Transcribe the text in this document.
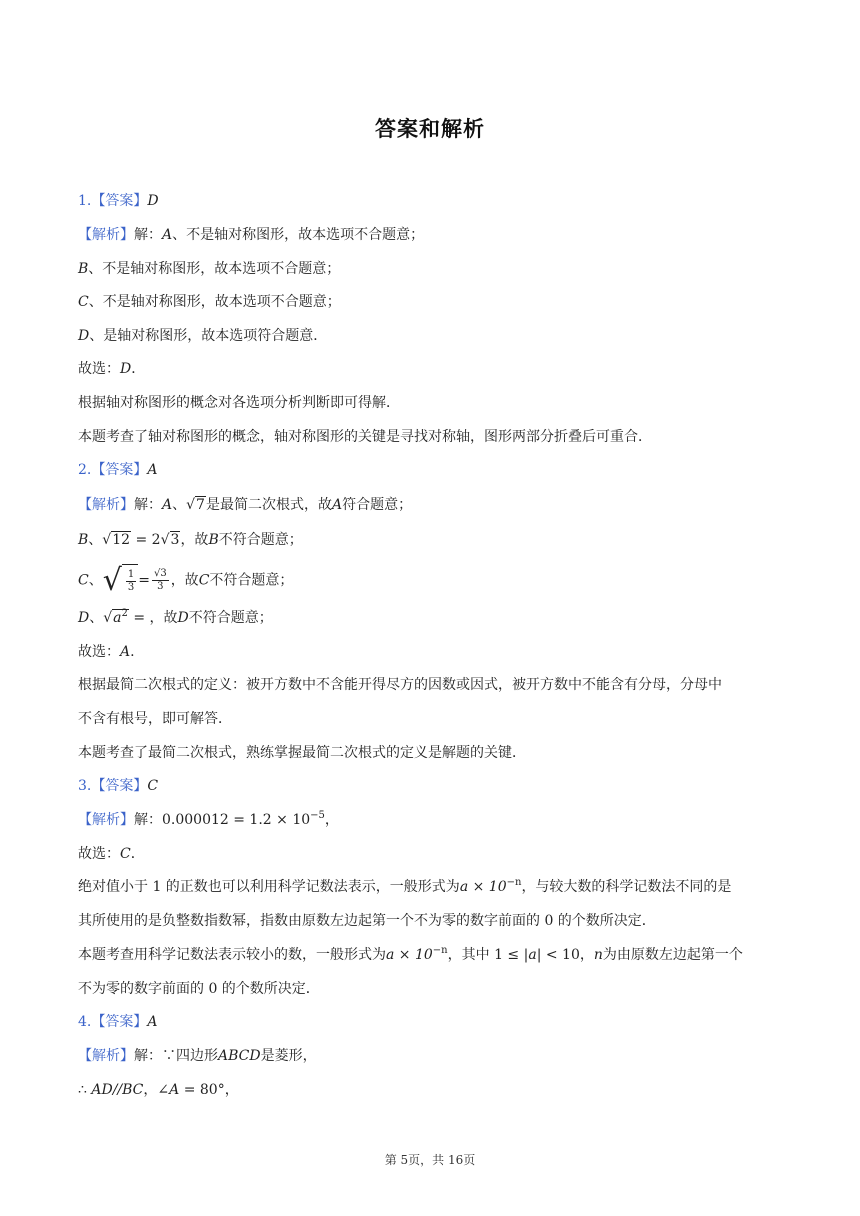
答案和解析
1.【答案】D
【解析】解：A、不是轴对称图形，故本选项不合题意；
B、不是轴对称图形，故本选项不合题意；
C、不是轴对称图形，故本选项不合题意；
D、是轴对称图形，故本选项符合题意．
故选：D．
根据轴对称图形的概念对各选项分析判断即可得解．
本题考查了轴对称图形的概念，轴对称图形的关键是寻找对称轴，图形两部分折叠后可重合．
2.【答案】A
【解析】解：A、√7是最简二次根式，故A符合题意；
B、√12 = 2√3，故B不符合题意；
C、√ $\frac{1}{3} = \frac{√3}{3}$ ，故C不符合题意；
D、$√a^2$ = ，故D不符合题意；
故选：A.
根据最简二次根式的定义：被开方数中不含能开得尽方的因数或因式，被开方数中不能含有分母，分母中
不含有根号，即可解答．
本题考查了最简二次根式，熟练掌握最简二次根式的定义是解题的关键．
3.【答案】C
【解析】解：$0.000012 = 1.2 \times 10^{-5}$，
故选：C．
绝对值小于 1 的正数也可以利用科学记数法表示，一般形式为$a \times 10^{-n}$，与较大数的科学记数法不同的是
其所使用的是负整数指数幂，指数由原数左边起第一个不为零的数字前面的 0 的个数所决定．
本题考查用科学记数法表示较小的数，一般形式为$a \times 10^{-n}$，其中 1 ≤ |a| < 10，n为由原数左边起第一个
不为零的数字前面的 0 的个数所决定．
4.【答案】A
【解析】解：∵四边形ABCD是菱形，
∴ AD//BC，∠A = 80°，
第 5页，共 16页
